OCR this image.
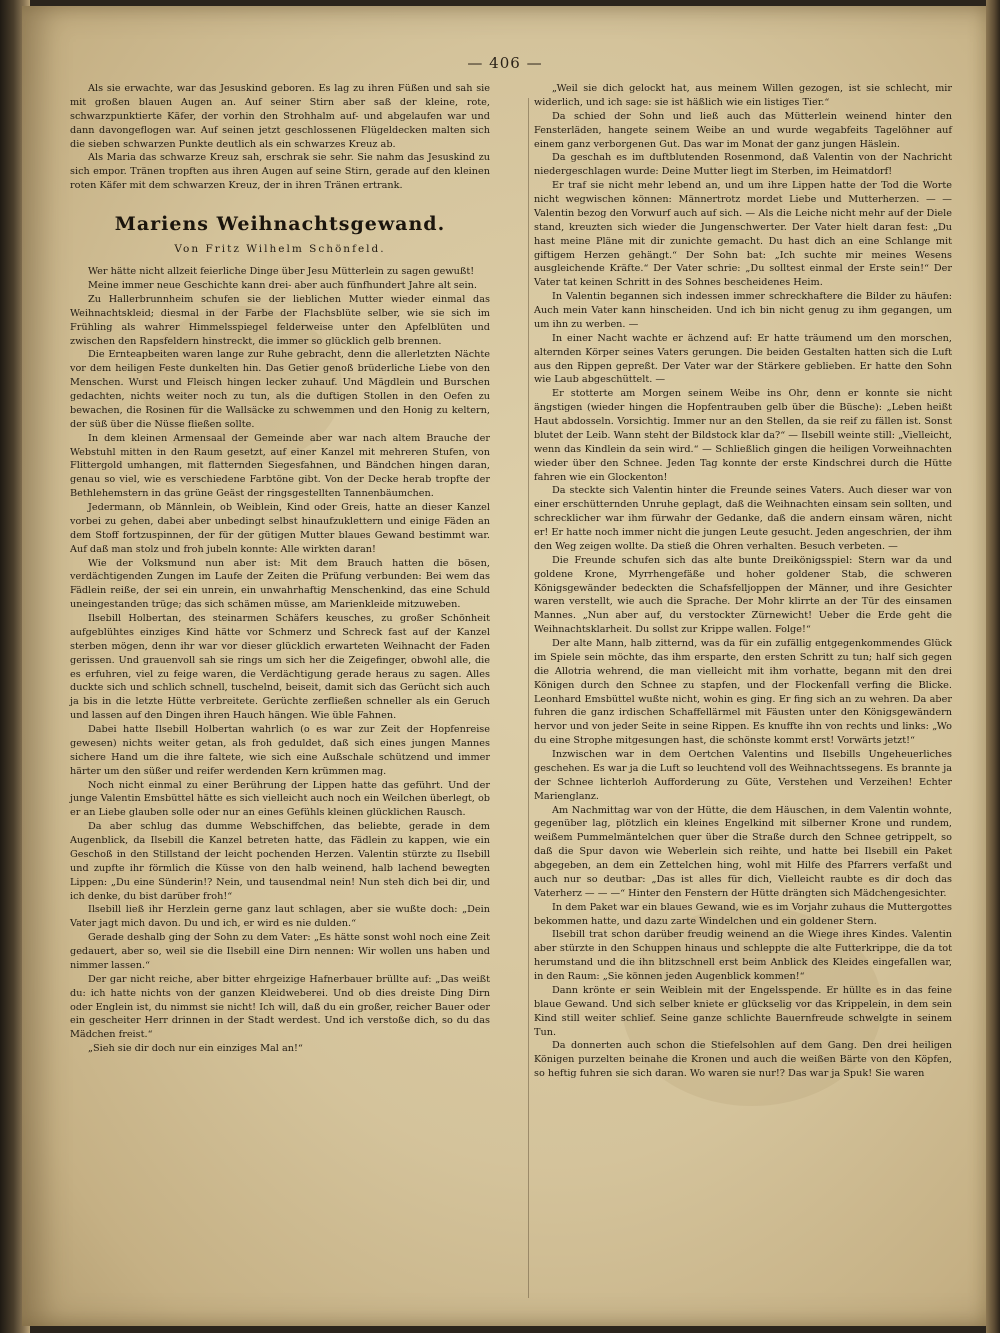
— 406 —

Als sie erwachte, war das Jesuskind geboren. Es lag zu ihren Füßen und sah sie mit großen blauen Augen an. Auf seiner Stirn aber saß der kleine, rote, schwarzpunktierte Käfer, der vorhin den Strohhalm auf- und abgelaufen war und dann davongeflogen war. Auf seinen jetzt geschlossenen Flügeldecken malten sich die sieben schwarzen Punkte deutlich als ein schwarzes Kreuz ab.

Als Maria das schwarze Kreuz sah, erschrak sie sehr. Sie nahm das Jesuskind zu sich empor. Tränen tropften aus ihren Augen auf seine Stirn, gerade auf den kleinen roten Käfer mit dem schwarzen Kreuz, der in ihren Tränen ertrank.

Mariens Weihnachtsgewand.
Von Fritz Wilhelm Schönfeld.

Wer hätte nicht allzeit feierliche Dinge über Jesu Mütterlein zu sagen gewußt!

Meine immer neue Geschichte kann drei- aber auch fünfhundert Jahre alt sein.

Zu Hallerbrunnheim schufen sie der lieblichen Mutter wieder einmal das Weihnachtskleid; diesmal in der Farbe der Flachsblüte selber, wie sie sich im Frühling als wahrer Himmelsspiegel felderweise unter den Apfelblüten und zwischen den Rapsfeldern hinstreckt, die immer so glücklich gelb brennen.

Die Ernteарbeiten waren lange zur Ruhe gebracht, denn die allerletzten Nächte vor dem heiligen Feste dunkelten hin. Das Getier genoß brüderliche Liebe von den Menschen. Wurst und Fleisch hingen lecker zuhauf. Und Mägdlein und Burschen gedachten, nichts weiter noch zu tun, als die duftigen Stollen in den Oefen zu bewachen, die Rosinen für die Wallsäcke zu schwemmen und den Honig zu keltern, der süß über die Nüsse fließen sollte.

In dem kleinen Armensaal der Gemeinde aber war nach altem Brauche der Webstuhl mitten in den Raum gesetzt, auf einer Kanzel mit mehreren Stufen, von Flittergold umhangen, mit flatternden Siegesfahnen, und Bändchen hingen daran, genau so viel, wie es verschiedene Farbtöne gibt. Von der Decke herab tropfte der Bethlehemstern in das grüne Geäst der ringsgestellten Tannenbäumchen.

Jedermann, ob Männlein, ob Weiblein, Kind oder Greis, hatte an dieser Kanzel vorbei zu gehen, dabei aber unbedingt selbst hinaufzuklettern und einige Fäden an dem Stoff fortzuspinnen, der für der gütigen Mutter blaues Gewand bestimmt war. Auf daß man stolz und froh jubeln konnte: Alle wirkten daran!

Wie der Volksmund nun aber ist: Mit dem Brauch hatten die bösen, verdächtigenden Zungen im Laufe der Zeiten die Prüfung verbunden: Bei wem das Fädlein reiße, der sei ein unrein, ein unwahrhaftig Menschenkind, das eine Schuld uneingestanden trüge; das sich schämen müsse, am Marienkleide mitzuweben.

Ilsebill Holbertan, des steinarmen Schäfers keusches, zu großer Schönheit aufgeblühtes einziges Kind hätte vor Schmerz und Schreck fast auf der Kanzel sterben mögen, denn ihr war vor dieser glücklich erwarteten Weihnacht der Faden gerissen. Und grauenvoll sah sie rings um sich her die Zeigefinger, obwohl alle, die es erfuhren, viel zu feige waren, die Verdächtigung gerade heraus zu sagen. Alles duckte sich und schlich schnell, tuschelnd, beiseit, damit sich das Gerücht sich auch ja bis in die letzte Hütte verbreitete. Gerüchte zerfließen schneller als ein Geruch und lassen auf den Dingen ihren Hauch hängen. Wie üble Fahnen.

Dabei hatte Ilsebill Holbertan wahrlich (o es war zur Zeit der Hopfenreise gewesen) nichts weiter getan, als froh geduldet, daß sich eines jungen Mannes sichere Hand um die ihre faltete, wie sich eine Außschale schützend und immer härter um den süßer und reifer werdenden Kern krümmen mag.

Noch nicht einmal zu einer Berührung der Lippen hatte das geführt. Und der junge Valentin Emsbüttel hätte es sich vielleicht auch noch ein Weilchen überlegt, ob er an Liebe glauben solle oder nur an eines Gefühls kleinen glücklichen Rausch.

Da aber schlug das dumme Webschiffchen, das beliebte, gerade in dem Augenblick, da Ilsebill die Kanzel betreten hatte, das Fädlein zu kappen, wie ein Geschoß in den Stillstand der leicht pochenden Herzen. Valentin stürzte zu Ilsebill und zupfte ihr förmlich die Küsse von den halb weinend, halb lachend bewegten Lippen: „Du eine Sünderin!? Nein, und tausendmal nein! Nun steh dich bei dir, und ich denke, du bist darüber froh!“

Ilsebill ließ ihr Herzlein gerne ganz laut schlagen, aber sie wußte doch: „Dein Vater jagt mich davon. Du und ich, er wird es nie dulden.“

Gerade deshalb ging der Sohn zu dem Vater: „Es hätte sonst wohl noch eine Zeit gedauert, aber so, weil sie die Ilsebill eine Dirn nennen: Wir wollen uns haben und nimmer lassen.“

Der gar nicht reiche, aber bitter ehrgeizige Hafnerbauer brüllte auf: „Das weißt du: ich hatte nichts von der ganzen Kleidweberei. Und ob dies dreiste Ding Dirn oder Englein ist, du nimmst sie nicht! Ich will, daß du ein großer, reicher Bauer oder ein gescheiter Herr drinnen in der Stadt werdest. Und ich verstoße dich, so du das Mädchen freist.“

„Sieh sie dir doch nur ein einziges Mal an!“

„Weil sie dich gelockt hat, aus meinem Willen gezogen, ist sie schlecht, mir widerlich, und ich sage: sie ist häßlich wie ein listiges Tier.“

Da schied der Sohn und ließ auch das Mütterlein weinend hinter den Fensterläden, hangete seinem Weibe an und wurde wegabfeits Tagelöhner auf einem ganz verborgenen Gut. Das war im Monat der ganz jungen Häslein.

Da geschah es im duftblutenden Rosenmond, daß Valentin von der Nachricht niedergeschlagen wurde: Deine Mutter liegt im Sterben, im Heimatdorf!

Er traf sie nicht mehr lebend an, und um ihre Lippen hatte der Tod die Worte nicht wegwischen können: Männertrotz mordet Liebe und Mutterherzen. — — Valentin bezog den Vorwurf auch auf sich. — Als die Leiche nicht mehr auf der Diele stand, kreuzten sich wieder die Jungenschwerter. Der Vater hielt daran fest: „Du hast meine Pläne mit dir zunichte gemacht. Du hast dich an eine Schlange mit giftigem Herzen gehängt.“ Der Sohn bat: „Ich suchte mir meines Wesens ausgleichende Kräfte.“ Der Vater schrie: „Du solltest einmal der Erste sein!“ Der Vater tat keinen Schritt in des Sohnes bescheidenes Heim.

In Valentin begannen sich indessen immer schreckhaftere die Bilder zu häufen: Auch mein Vater kann hinscheiden. Und ich bin nicht genug zu ihm gegangen, um um ihn zu werben. —

In einer Nacht wachte er ächzend auf: Er hatte träumend um den morschen, alternden Körper seines Vaters gerungen. Die beiden Gestalten hatten sich die Luft aus den Rippen gepreßt. Der Vater war der Stärkere geblieben. Er hatte den Sohn wie Laub abgeschüttelt. —

Er stotterte am Morgen seinem Weibe ins Ohr, denn er konnte sie nicht ängstigen (wieder hingen die Hopfentrauben gelb über die Büsche): „Leben heißt Haut abdosseln. Vorsichtig. Immer nur an den Stellen, da sie reif zu fällen ist. Sonst blutet der Leib. Wann steht der Bildstock klar da?“ — Ilsebill weinte still: „Vielleicht, wenn das Kindlein da sein wird.“ — Schließlich gingen die heiligen Vorweihnachten wieder über den Schnee. Jeden Tag konnte der erste Kindschrei durch die Hütte fahren wie ein Glockenton!

Da steckte sich Valentin hinter die Freunde seines Vaters. Auch dieser war von einer erschütternden Unruhe geplagt, daß die Weihnachten einsam sein sollten, und schrecklicher war ihm fürwahr der Gedanke, daß die andern einsam wären, nicht er! Er hatte noch immer nicht die jungen Leute gesucht. Jeden angeschrien, der ihm den Weg zeigen wollte. Da stieß die Ohren verhalten. Besuch verbeten. —

Die Freunde schufen sich das alte bunte Dreikönigsspiel: Stern war da und goldene Krone, Myrrhengefäße und hoher goldener Stab, die schweren Königsgewänder bedeckten die Schafsfelljoppen der Männer, und ihre Gesichter waren verstellt, wie auch die Sprache. Der Mohr klirrte an der Tür des einsamen Mannes. „Nun aber auf, du verstockter Zürnewicht! Ueber die Erde geht die Weihnachtsklarheit. Du sollst zur Krippe wallen. Folge!“

Der alte Mann, halb zitternd, was da für ein zufällig entgegenkommendes Glück im Spiele sein möchte, das ihm ersparte, den ersten Schritt zu tun; half sich gegen die Allotria wehrend, die man vielleicht mit ihm vorhatte, begann mit den drei Königen durch den Schnee zu stapfen, und der Flockenfall verfing die Blicke. Leonhard Emsbüttel wußte nicht, wohin es ging. Er fing sich an zu wehren. Da aber fuhren die ganz irdischen Schaffellärmel mit Fäusten unter den Königsgewändern hervor und von jeder Seite in seine Rippen. Es knuffte ihn von rechts und links: „Wo du eine Strophe mitgesungen hast, die schönste kommt erst! Vorwärts jetzt!“

Inzwischen war in dem Oertchen Valentins und Ilsebills Ungeheuerliches geschehen. Es war ja die Luft so leuchtend voll des Weihnachtssegens. Es brannte ja der Schnee lichterloh Aufforderung zu Güte, Verstehen und Verzeihen! Echter Marienglanz.

Am Nachmittag war von der Hütte, die dem Häuschen, in dem Valentin wohnte, gegenüber lag, plötzlich ein kleines Engelkind mit silberner Krone und rundem, weißem Pummelmäntelchen quer über die Straße durch den Schnee getrippelt, so daß die Spur davon wie Weberlein sich reihte, und hatte bei Ilsebill ein Paket abgegeben, an dem ein Zettelchen hing, wohl mit Hilfe des Pfarrers verfaßt und auch nur so deutbar: „Das ist alles für dich, Vielleicht raubte es dir doch das Vaterherz — — —“ Hinter den Fenstern der Hütte drängten sich Mädchengesichter.

In dem Paket war ein blaues Gewand, wie es im Vorjahr zuhaus die Muttergottes bekommen hatte, und dazu zarte Windelchen und ein goldener Stern.

Ilsebill trat schon darüber freudig weinend an die Wiege ihres Kindes. Valentin aber stürzte in den Schuppen hinaus und schleppte die alte Futterkrippe, die da tot herumstand und die ihn blitzschnell erst beim Anblick des Kleides eingefallen war, in den Raum: „Sie können jeden Augenblick kommen!“

Dann krönte er sein Weiblein mit der Engelsspende. Er hüllte es in das feine blaue Gewand. Und sich selber kniete er glückselig vor das Krippelein, in dem sein Kind still weiter schlief. Seine ganze schlichte Bauernfreude schwelgte in seinem Tun.

Da donnerten auch schon die Stiefelsohlen auf dem Gang. Den drei heiligen Königen purzelten beinahe die Kronen und auch die weißen Bärte von den Köpfen, so heftig fuhren sie sich daran. Wo waren sie nur!? Das war ja Spuk! Sie waren
